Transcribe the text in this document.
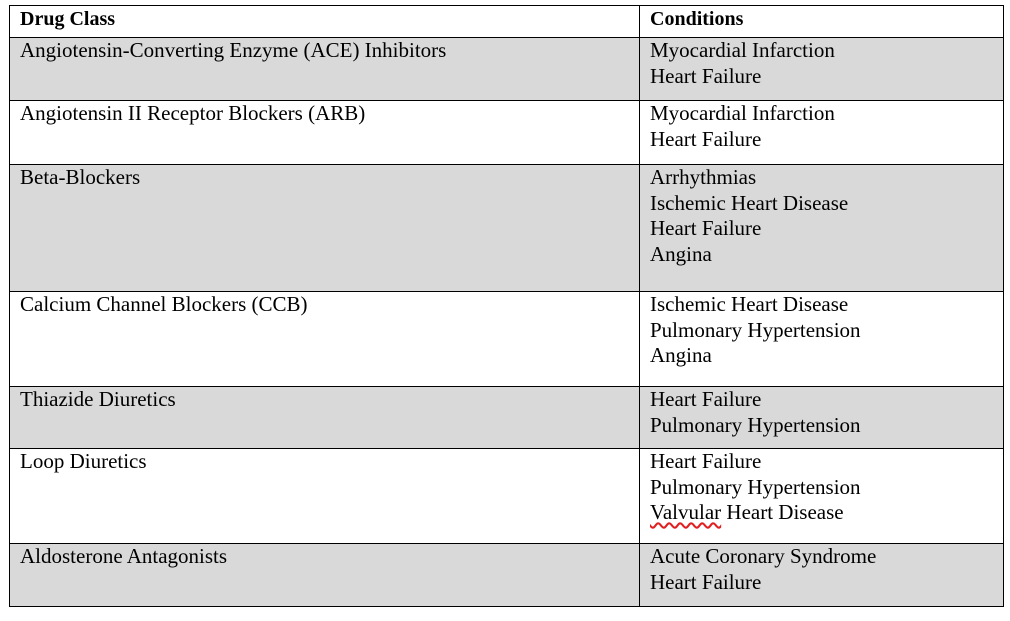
Drug Class	Conditions

Angiotensin-Converting Enzyme (ACE) Inhibitors	Myocardial Infarction
Heart Failure

Angiotensin II Receptor Blockers (ARB)	Myocardial Infarction
Heart Failure

Beta-Blockers	Arrhythmias
Ischemic Heart Disease
Heart Failure
Angina

Calcium Channel Blockers (CCB)	Ischemic Heart Disease
Pulmonary Hypertension
Angina

Thiazide Diuretics	Heart Failure
Pulmonary Hypertension

Loop Diuretics	Heart Failure
Pulmonary Hypertension
Valvular Heart Disease

Aldosterone Antagonists	Acute Coronary Syndrome
Heart Failure
